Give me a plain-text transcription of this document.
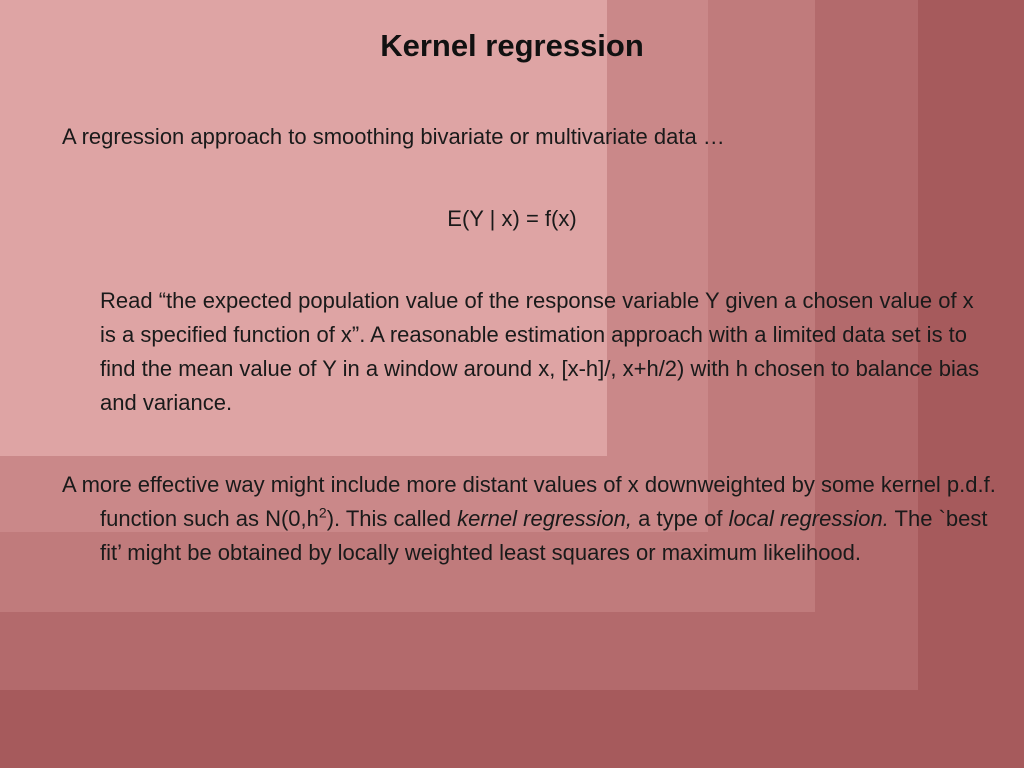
Kernel regression

A regression approach to smoothing bivariate or multivariate data …

E(Y | x) = f(x)

Read “the expected population value of the response variable Y given a chosen value of x is a specified function of x”. A reasonable estimation approach with a limited data set is to find the mean value of Y in a window around x, [x-h]/, x+h/2) with h chosen to balance bias and variance.

A more effective way might include more distant values of x downweighted by some kernel p.d.f. function such as $N(0,h^2)$. This called kernel regression, a type of local regression. The `best fit’ might be obtained by locally weighted least squares or maximum likelihood.
